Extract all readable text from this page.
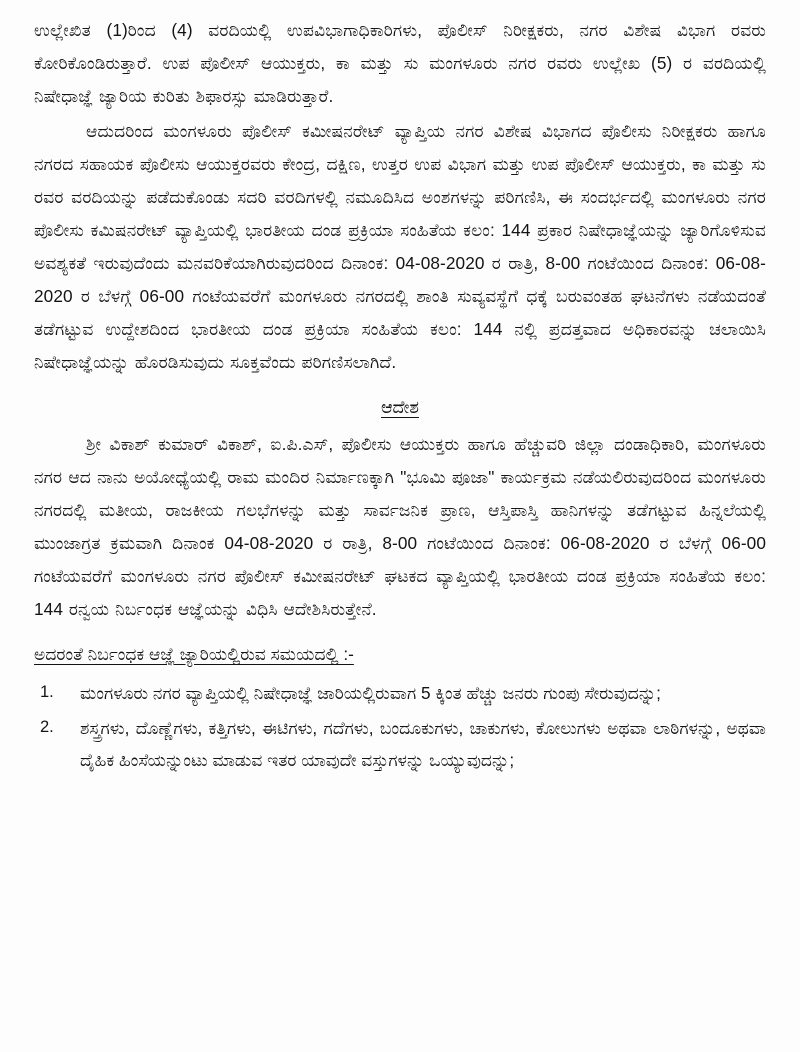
ಉಲ್ಲೇಖಿತ (1)ರಿಂದ (4) ವರದಿಯಲ್ಲಿ ಉಪವಿಭಾಗಾಧಿಕಾರಿಗಳು, ಪೊಲೀಸ್ ನಿರೀಕ್ಷಕರು, ನಗರ ವಿಶೇಷ ವಿಭಾಗ ರವರು ಕೋರಿಕೊಂಡಿರುತ್ತಾರೆ. ಉಪ ಪೊಲೀಸ್ ಆಯುಕ್ತರು, ಕಾ ಮತ್ತು ಸು ಮಂಗಳೂರು ನಗರ ರವರು ಉಲ್ಲೇಖ (5) ರ ವರದಿಯಲ್ಲಿ ನಿಷೇಧಾಜ್ಞೆ ಜ್ಯಾರಿಯ ಕುರಿತು ಶಿಫಾರಸ್ಸು ಮಾಡಿರುತ್ತಾರೆ.

ಆದುದರಿಂದ ಮಂಗಳೂರು ಪೊಲೀಸ್ ಕಮೀಷನರೇಟ್ ವ್ಯಾಪ್ತಿಯ ನಗರ ವಿಶೇಷ ವಿಭಾಗದ ಪೊಲೀಸು ನಿರೀಕ್ಷಕರು ಹಾಗೂ ನಗರದ ಸಹಾಯಕ ಪೊಲೀಸು ಆಯುಕ್ತರವರು ಕೇಂದ್ರ, ದಕ್ಷಿಣ, ಉತ್ತರ ಉಪ ವಿಭಾಗ ಮತ್ತು ಉಪ ಪೊಲೀಸ್ ಆಯುಕ್ತರು, ಕಾ ಮತ್ತು ಸು ರವರ ವರದಿಯನ್ನು ಪಡೆದುಕೊಂಡು ಸದರಿ ವರದಿಗಳಲ್ಲಿ ನಮೂದಿಸಿದ ಅಂಶಗಳನ್ನು ಪರಿಗಣಿಸಿ, ಈ ಸಂದರ್ಭದಲ್ಲಿ ಮಂಗಳೂರು ನಗರ ಪೊಲೀಸು ಕಮಿಷನರೇಟ್ ವ್ಯಾಪ್ತಿಯಲ್ಲಿ ಭಾರತೀಯ ದಂಡ ಪ್ರಕ್ರಿಯಾ ಸಂಹಿತೆಯ ಕಲಂ: 144 ಪ್ರಕಾರ ನಿಷೇಧಾಜ್ಞೆಯನ್ನು ಜ್ಯಾರಿಗೊಳಿಸುವ ಅವಶ್ಯಕತೆ ಇರುವುದೆಂದು ಮನವರಿಕೆಯಾಗಿರುವುದರಿಂದ ದಿನಾಂಕ: 04-08-2020 ರ ರಾತ್ರಿ, 8-00 ಗಂಟೆಯಿಂದ ದಿನಾಂಕ: 06-08-2020 ರ ಬೆಳಗ್ಗೆ 06-00 ಗಂಟೆಯವರೆಗೆ ಮಂಗಳೂರು ನಗರದಲ್ಲಿ ಶಾಂತಿ ಸುವ್ಯವಸ್ಥೆಗೆ ಧಕ್ಕೆ ಬರುವಂತಹ ಘಟನೆಗಳು ನಡೆಯದಂತೆ ತಡೆಗಟ್ಟುವ ಉದ್ದೇಶದಿಂದ ಭಾರತೀಯ ದಂಡ ಪ್ರಕ್ರಿಯಾ ಸಂಹಿತೆಯ ಕಲಂ: 144 ನಲ್ಲಿ ಪ್ರದತ್ತವಾದ ಅಧಿಕಾರವನ್ನು ಚಲಾಯಿಸಿ ನಿಷೇಧಾಜ್ಞೆಯನ್ನು ಹೊರಡಿಸುವುದು ಸೂಕ್ತವೆಂದು ಪರಿಗಣಿಸಲಾಗಿದೆ.

ಆದೇಶ

ಶ್ರೀ ವಿಕಾಶ್ ಕುಮಾರ್ ವಿಕಾಶ್, ಐ.ಪಿ.ಎಸ್, ಪೊಲೀಸು ಆಯುಕ್ತರು ಹಾಗೂ ಹೆಚ್ಚುವರಿ ಜಿಲ್ಲಾ ದಂಡಾಧಿಕಾರಿ, ಮಂಗಳೂರು ನಗರ ಆದ ನಾನು ಅಯೋಧ್ಯೆಯಲ್ಲಿ ರಾಮ ಮಂದಿರ ನಿರ್ಮಾಣಕ್ಕಾಗಿ "ಭೂಮಿ ಪೂಜಾ" ಕಾರ್ಯಕ್ರಮ ನಡೆಯಲಿರುವುದರಿಂದ ಮಂಗಳೂರು ನಗರದಲ್ಲಿ ಮತೀಯ, ರಾಜಕೀಯ ಗಲಭೆಗಳನ್ನು ಮತ್ತು ಸಾರ್ವಜನಿಕ ಪ್ರಾಣ, ಆಸ್ತಿಪಾಸ್ತಿ ಹಾನಿಗಳನ್ನು ತಡೆಗಟ್ಟುವ ಹಿನ್ನಲೆಯಲ್ಲಿ ಮುಂಜಾಗ್ರತ ಕ್ರಮವಾಗಿ ದಿನಾಂಕ 04-08-2020 ರ ರಾತ್ರಿ, 8-00 ಗಂಟೆಯಿಂದ ದಿನಾಂಕ: 06-08-2020 ರ ಬೆಳಗ್ಗೆ 06-00 ಗಂಟೆಯವರೆಗೆ ಮಂಗಳೂರು ನಗರ ಪೊಲೀಸ್ ಕಮೀಷನರೇಟ್ ಘಟಕದ ವ್ಯಾಪ್ತಿಯಲ್ಲಿ ಭಾರತೀಯ ದಂಡ ಪ್ರಕ್ರಿಯಾ ಸಂಹಿತೆಯ ಕಲಂ: 144 ರನ್ವಯ ನಿರ್ಬಂಧಕ ಆಜ್ಞೆಯನ್ನು ವಿಧಿಸಿ ಆದೇಶಿಸಿರುತ್ತೇನೆ.

ಅದರಂತೆ ನಿರ್ಬಂಧಕ ಆಜ್ಞೆ ಜ್ಯಾರಿಯಲ್ಲಿರುವ ಸಮಯದಲ್ಲಿ :-
1. ಮಂಗಳೂರು ನಗರ ವ್ಯಾಪ್ತಿಯಲ್ಲಿ ನಿಷೇಧಾಜ್ಞೆ ಜಾರಿಯಲ್ಲಿರುವಾಗ 5 ಕ್ಕಿಂತ ಹೆಚ್ಚು ಜನರು ಗುಂಪು ಸೇರುವುದನ್ನು;
2. ಶಸ್ತ್ರಗಳು, ದೊಣ್ಣೆಗಳು, ಕತ್ತಿಗಳು, ಈಟಿಗಳು, ಗದೆಗಳು, ಬಂದೂಕುಗಳು, ಚಾಕುಗಳು, ಕೋಲುಗಳು ಅಥವಾ ಲಾಠಿಗಳನ್ನು, ಅಥವಾ ದೈಹಿಕ ಹಿಂಸೆಯನ್ನುಂಟು ಮಾಡುವ ಇತರ ಯಾವುದೇ ವಸ್ತುಗಳನ್ನು ಒಯ್ಯುವುದನ್ನು;
